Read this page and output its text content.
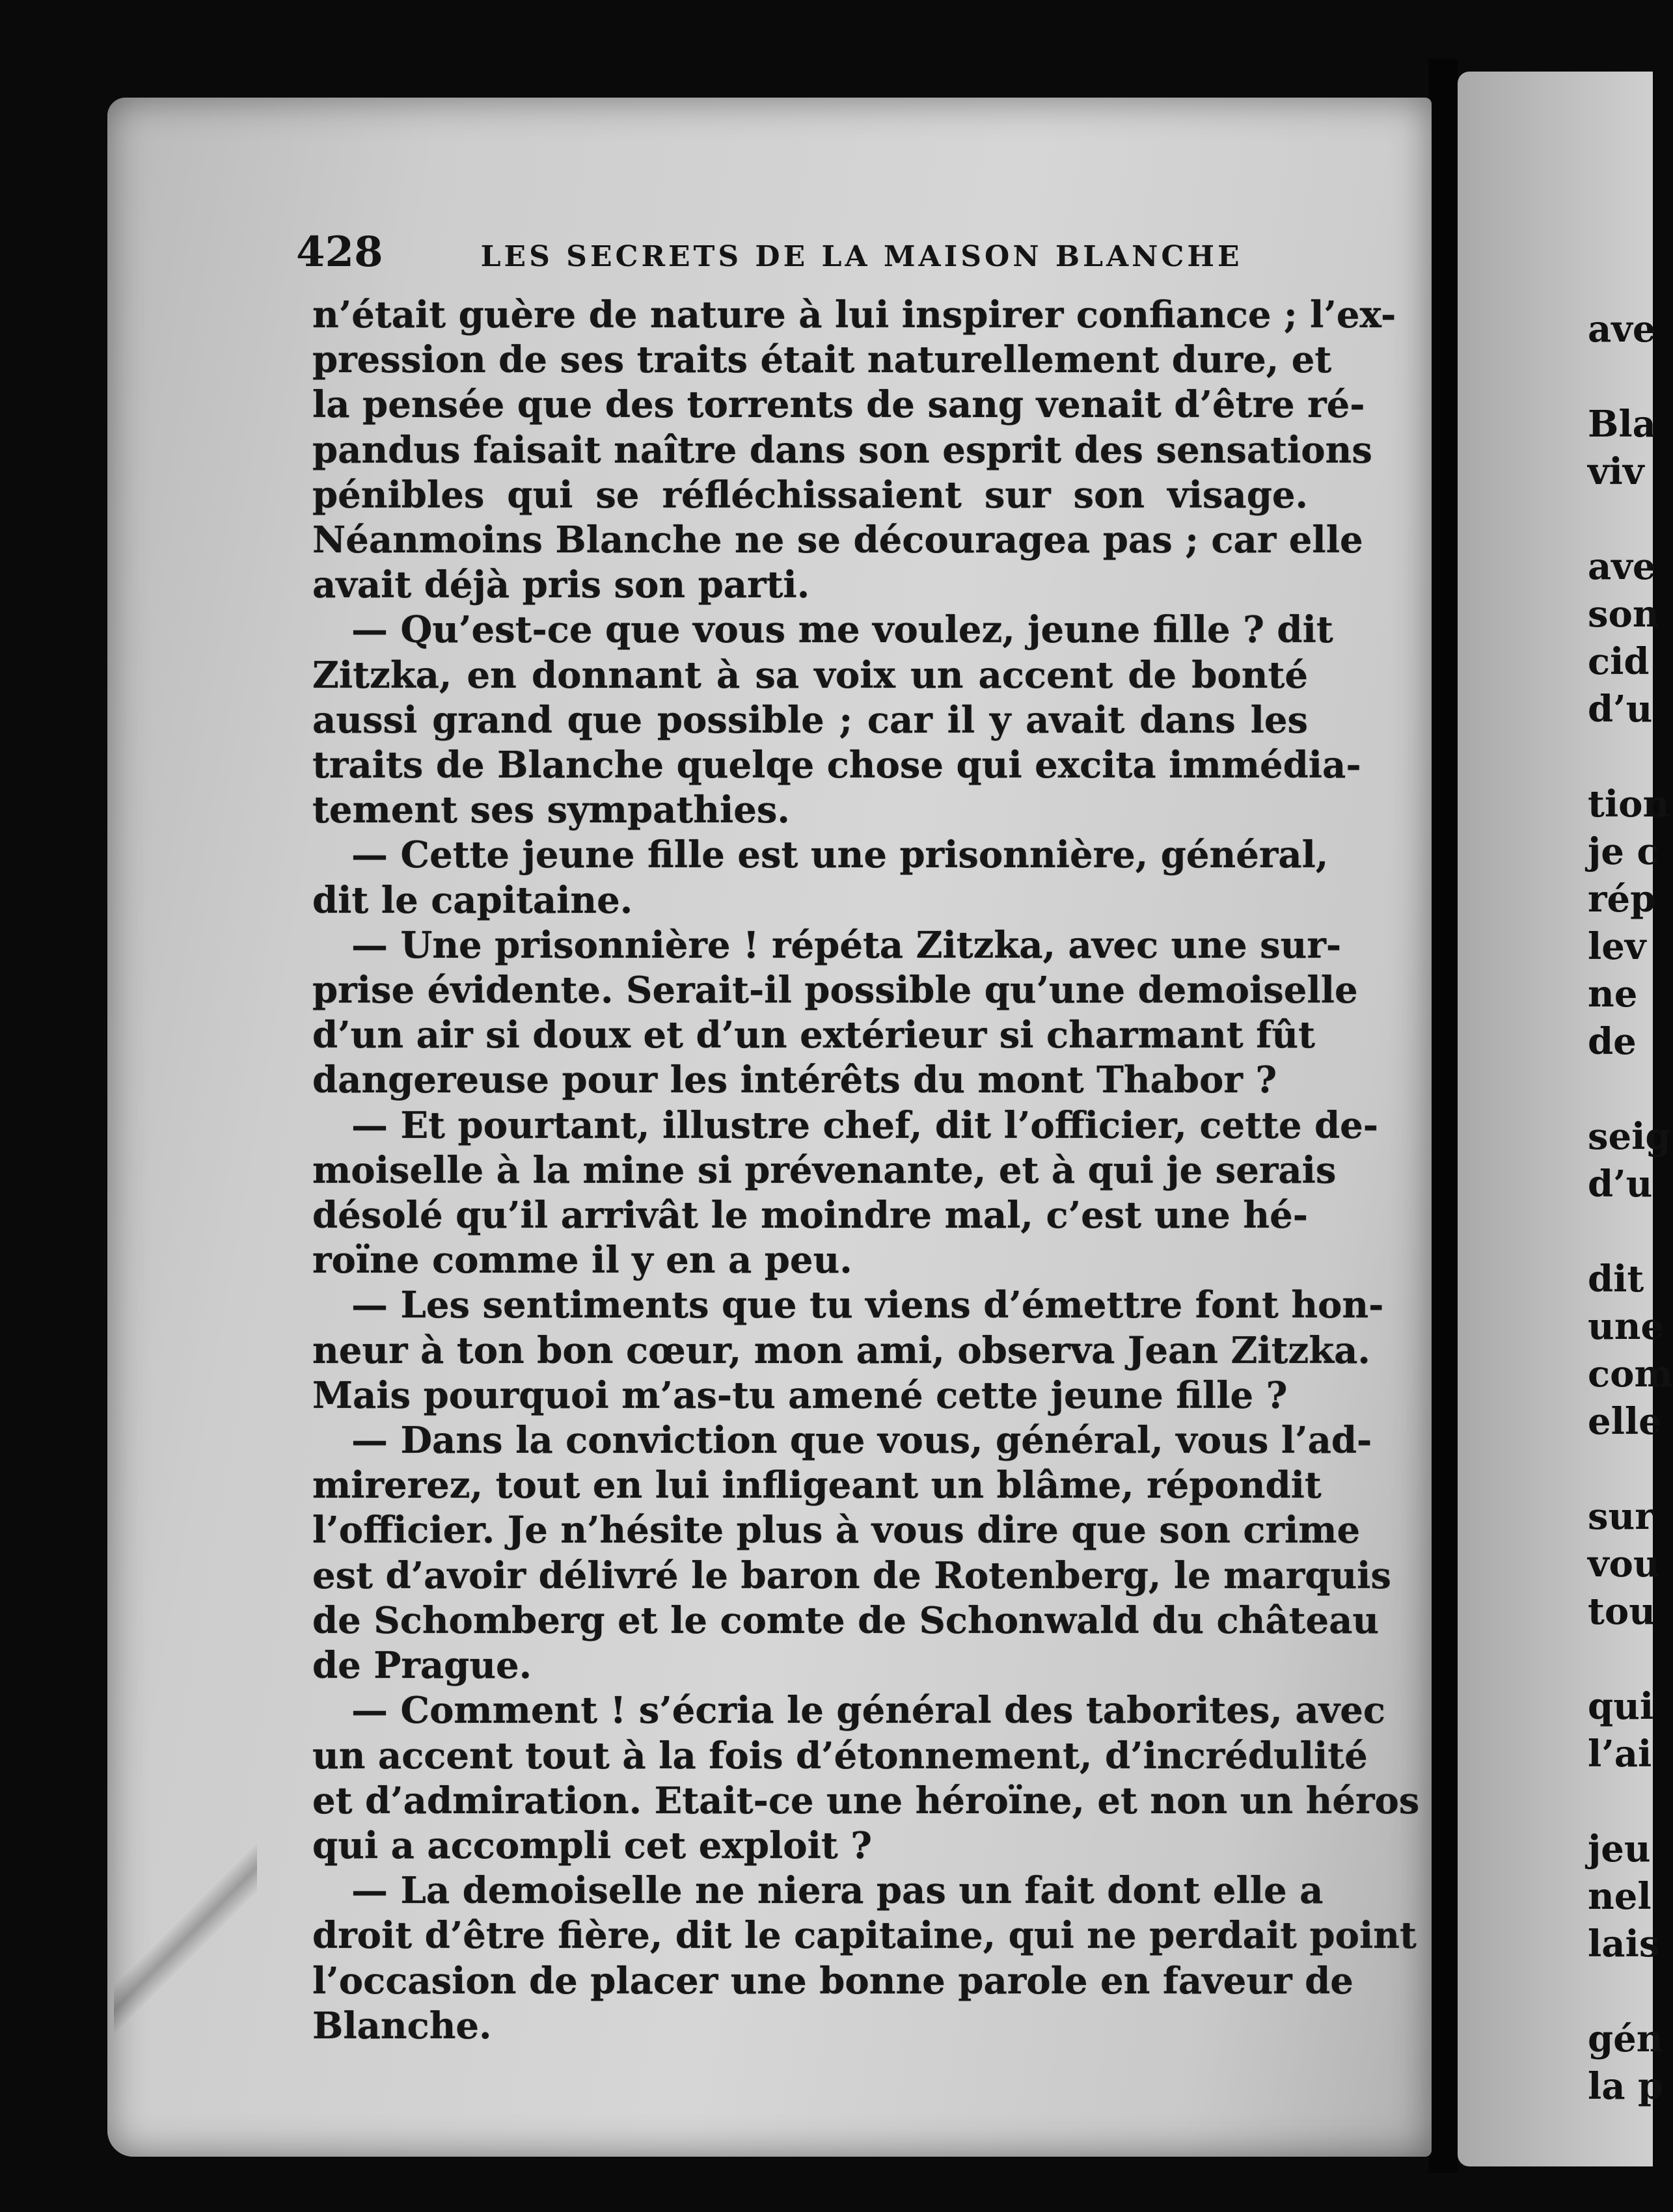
ave
Bla
viv
ave
son
cid
d’u
tion
je c
rép
lev
ne
de
seig
d’u
dit
une
com
elle
sur
vou
tou
qui
l’ai
jeu
nel
lais
gén
la p
428	LES SECRETS DE LA MAISON BLANCHE
n’était guère de nature à lui inspirer confiance ; l’ex-
pression de ses traits était naturellement dure, et
la pensée que des torrents de sang venait d’être ré-
pandus faisait naître dans son esprit des sensations
pénibles qui se réfléchissaient sur son visage.
Néanmoins Blanche ne se découragea pas ; car elle
avait déjà pris son parti.
— Qu’est-ce que vous me voulez, jeune fille ? dit
Zitzka, en donnant à sa voix un accent de bonté
aussi grand que possible ; car il y avait dans les
traits de Blanche quelqe chose qui excita immédia-
tement ses sympathies.
— Cette jeune fille est une prisonnière, général,
dit le capitaine.
— Une prisonnière ! répéta Zitzka, avec une sur-
prise évidente. Serait-il possible qu’une demoiselle
d’un air si doux et d’un extérieur si charmant fût
dangereuse pour les intérêts du mont Thabor ?
— Et pourtant, illustre chef, dit l’officier, cette de-
moiselle à la mine si prévenante, et à qui je serais
désolé qu’il arrivât le moindre mal, c’est une hé-
roïne comme il y en a peu.
— Les sentiments que tu viens d’émettre font hon-
neur à ton bon cœur, mon ami, observa Jean Zitzka.
Mais pourquoi m’as-tu amené cette jeune fille ?
— Dans la conviction que vous, général, vous l’ad-
mirerez, tout en lui infligeant un blâme, répondit
l’officier. Je n’hésite plus à vous dire que son crime
est d’avoir délivré le baron de Rotenberg, le marquis
de Schomberg et le comte de Schonwald du château
de Prague.
— Comment ! s’écria le général des taborites, avec
un accent tout à la fois d’étonnement, d’incrédulité
et d’admiration. Etait-ce une héroïne, et non un héros
qui a accompli cet exploit ?
— La demoiselle ne niera pas un fait dont elle a
droit d’être fière, dit le capitaine, qui ne perdait point
l’occasion de placer une bonne parole en faveur de
Blanche.
